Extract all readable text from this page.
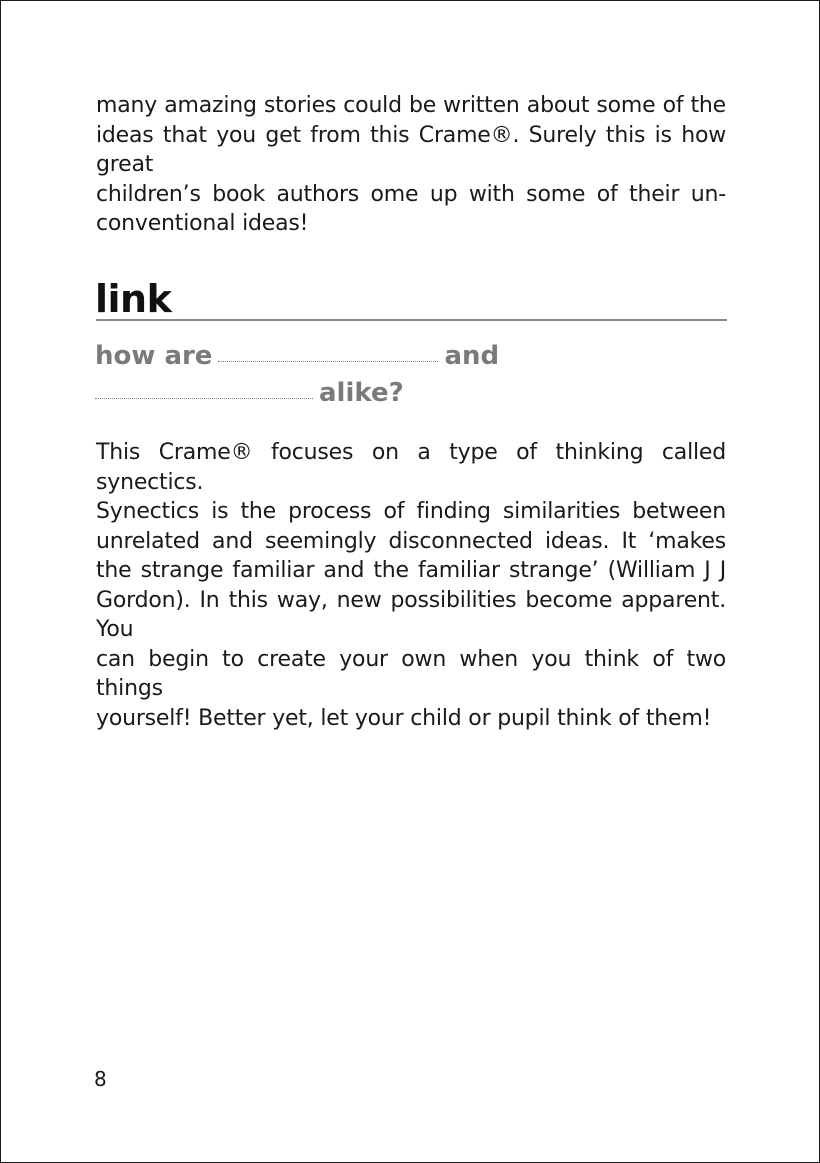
many amazing stories could be written about some of the
ideas that you get from this Crame®. Surely this is how great
children’s book authors ome up with some of their un-
conventional ideas!

link
how are	and
alike?

This Crame® focuses on a type of thinking called synectics.
Synectics is the process of finding similarities between
unrelated and seemingly disconnected ideas. It ‘makes
the strange familiar and the familiar strange’ (William J J
Gordon). In this way, new possibilities become apparent. You
can begin to create your own when you think of two things
yourself! Better yet, let your child or pupil think of them!

8
